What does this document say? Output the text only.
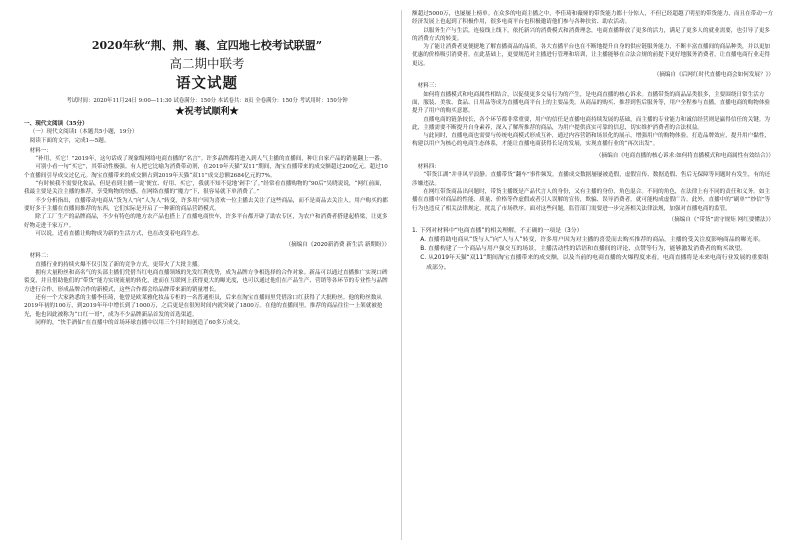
2020年秋“荆、荆、襄、宜四地七校考试联盟”

高二期中联考

语文试题

考试时间：2020年11月24日 9:00—11:30 试卷满分：150分 本试卷共：8页 全卷满分：150分 考试用时：150分钟

★祝考试顺利★

一、现代文阅读（35分）

（一）现代文阅读Ⅰ（本题共5小题，19分）

阅读下面的文字，完成1—5题。

材料一：

“补用，买它！”2019年，这句话成了现象级网络电商直播的“名言”。许多品牌都将进入到人气主播的直播间，种让自家产品的销量翻上一番。

可别小看一句“买它”，其带动性极强。有人把它比喻为消费带动剂，在2019年天猫“双11”期间，淘宝直播带来的成交额超过200亿元。超过10个直播间引导成交过亿元。淘宝直播带来的成交额占到2019年天猫“双11”成交总额2684亿元的7%。

“有时候我不需要化妆品，但是看到主播一说‘便宜、好用、买它’，我就不知不觉地‘剁手’了。”经常看直播购物的“90后”吴晓说说，“网红前面，我最主要是关注主播的推荐，享受购物的快感。在网络直播的“魔力”下，很容易就下单消费了。”

不少分析指出，直播带动电商从“货为人”向“人为人”转变，许多用户因为喜欢一位主播去关注了这些商品，而不是商品去关注人。用户购买的都要好多于主播在直播间推荐的东西，它们实际是开启了一种新的商品营销模式。

除了工厂生产的品牌商品，不少有特色的地方农产品也搭上了直播电商快车，许多平台都开辟了助农专区，为农户和消费者搭建起桥梁，让更多好物走进千家万户。

可以说，近看直播让购物成为新的生活方式，也在改变着电商生态。

（摘编自《2020新消费 新生活 新期盼》）

材料二：

直播行业的持续火爆不仅引发了新的竞争方式，更带火了大批主播。

拥有大量粉丝和高名气的头部主播们凭借当红电商直播领域的先发红利优势，成为品牌方争相选择的合作对象。新品可以通过直播推广实现口碑裂变，并且借助他们的“带货”能力实现流量的转化，进而在互联网上获得更大的曝光度，也可以通过他们在产品生产、营销等各环节的专业性与品牌方进行合作，形成品牌合作的新模式，这些合作都会给品牌带来新的销量增长。

还有一个大家熟悉的主播李佳琦，他曾是欧莱雅化妆品专柜的一名普通柜员，后来在淘宝直播间里凭借涂口红获得了大批粉丝。他的粉丝数从2019年初的100万，到2019年年中增长到了1000万，之后更是在很短时间内就突破了1800万。在他的直播间里，推荐的商品往往一上架就被抢光，他也因此被称为“口红一哥”，成为不少品牌新品首发的首选渠道。

同样的，“快手酒仙”在直播中的首场环球直播中以用三个月时间创造了60多万成交。

额超过5000万，也屡屡上榜单。在众多的电商主播之中，李佳琦和薇娅的带货能力都十分惊人，不但已经超越了明星的带货能力，而且在带动一方经济发展上也起到了积极作用，很多电商平台也积极邀请他们参与各种扶贫、助农活动。

以服务生产与生活，连接线上线下，依托新兴的消费模式和消费理念，电商直播释放了更多的活力，满足了更多人的就业需要，也引导了更多的消费方式的转变。

为了能让消费者更便捷地了解直播商品的品质，各大直播平台也在不断地提升自身的供应链服务能力，不断丰富直播间的商品种类，并以更加优惠的价格吸引消费者。在此基础上，更要规范对主播进行管理和培训，让主播能够在合法合规的前提下更好地服务消费者，让直播电商行业走得更远。

（摘编自《后网红时代直播电商会如何发展？》）

材料三：

如何将直播模式和电商属性相结合，以促使更多交易行为的产生，是电商直播的核心诉求。直播带货的商品品类很多，主要围绕日常生活方面，服装、美妆、食品、日用品等成为直播电商平台上的主要品类。从商品的购买、推荐到售后服务等，用户全程参与直播，直播电商的购物体验提升了用户的购买意愿。

直播电商的链条较长，各个环节都非常重要，用户的信任是直播电商持续发展的基础，而主播的专业能力和诚信经营则是赢得信任的关键。为此，主播需要不断提升自身素养，深入了解所推荐的商品，为用户提供真实可靠的信息，切实维护消费者的合法权益。

与此同时，直播电商也需要与传统电商模式形成互补，通过内容营销和场景化的展示，增强用户的购物体验。打造品牌效应，提升用户黏性，构建以用户为核心的电商生态体系，才能让直播电商获得长足的发展，实现直播行业的“再次出发”。

（摘编自《电商直播的核心诉求:如何将直播模式和电商属性有效结合》）

材料四：

“带货江湖”并非风平浪静。直播带货“翻车”事件频发，直播成交数据屡屡被造假，虚假宣传、数据造假、售后无保障等问题时有发生，有的还涉嫌违法。

在网红带货商品出问题时，带货主播既是产品代言人的身份，又有主播的身份，角色混合。不同的角色，在法律上有不同的责任和义务。如主播在直播中对商品的性能、质量、价格等作虚假或者引人误解的宣传，欺骗、误导消费者，就可能构成虚假广告。此外，直播中的“刷单”“炒信”等行为也违反了相关法律规定，扰乱了市场秩序。面对这些问题，监管部门需要进一步完善相关法律法规，加强对直播电商的监管。

（摘编自《“带货”需守规矩 网红要懂法》）

1. 下列对材料中“电商直播”的相关理解，不正确的一项是（3分）

A. 直播将助电商从“货与人”向“人与人”转变，许多用户因为对主播的喜爱而去购买推荐的商品，主播的受关注度影响商品的曝光率。

B. 直播构建了一个商品与用户强交互的场景，主播活动性的话语和直播间的评论、点赞等行为，能够激发消费者的购买欲望。

C. 从2019年天猫“双11”期间淘宝直播带来的成交额，以及当前的电商直播的火爆程度来看，电商直播将是未来电商行业发展的重要组成部分。
